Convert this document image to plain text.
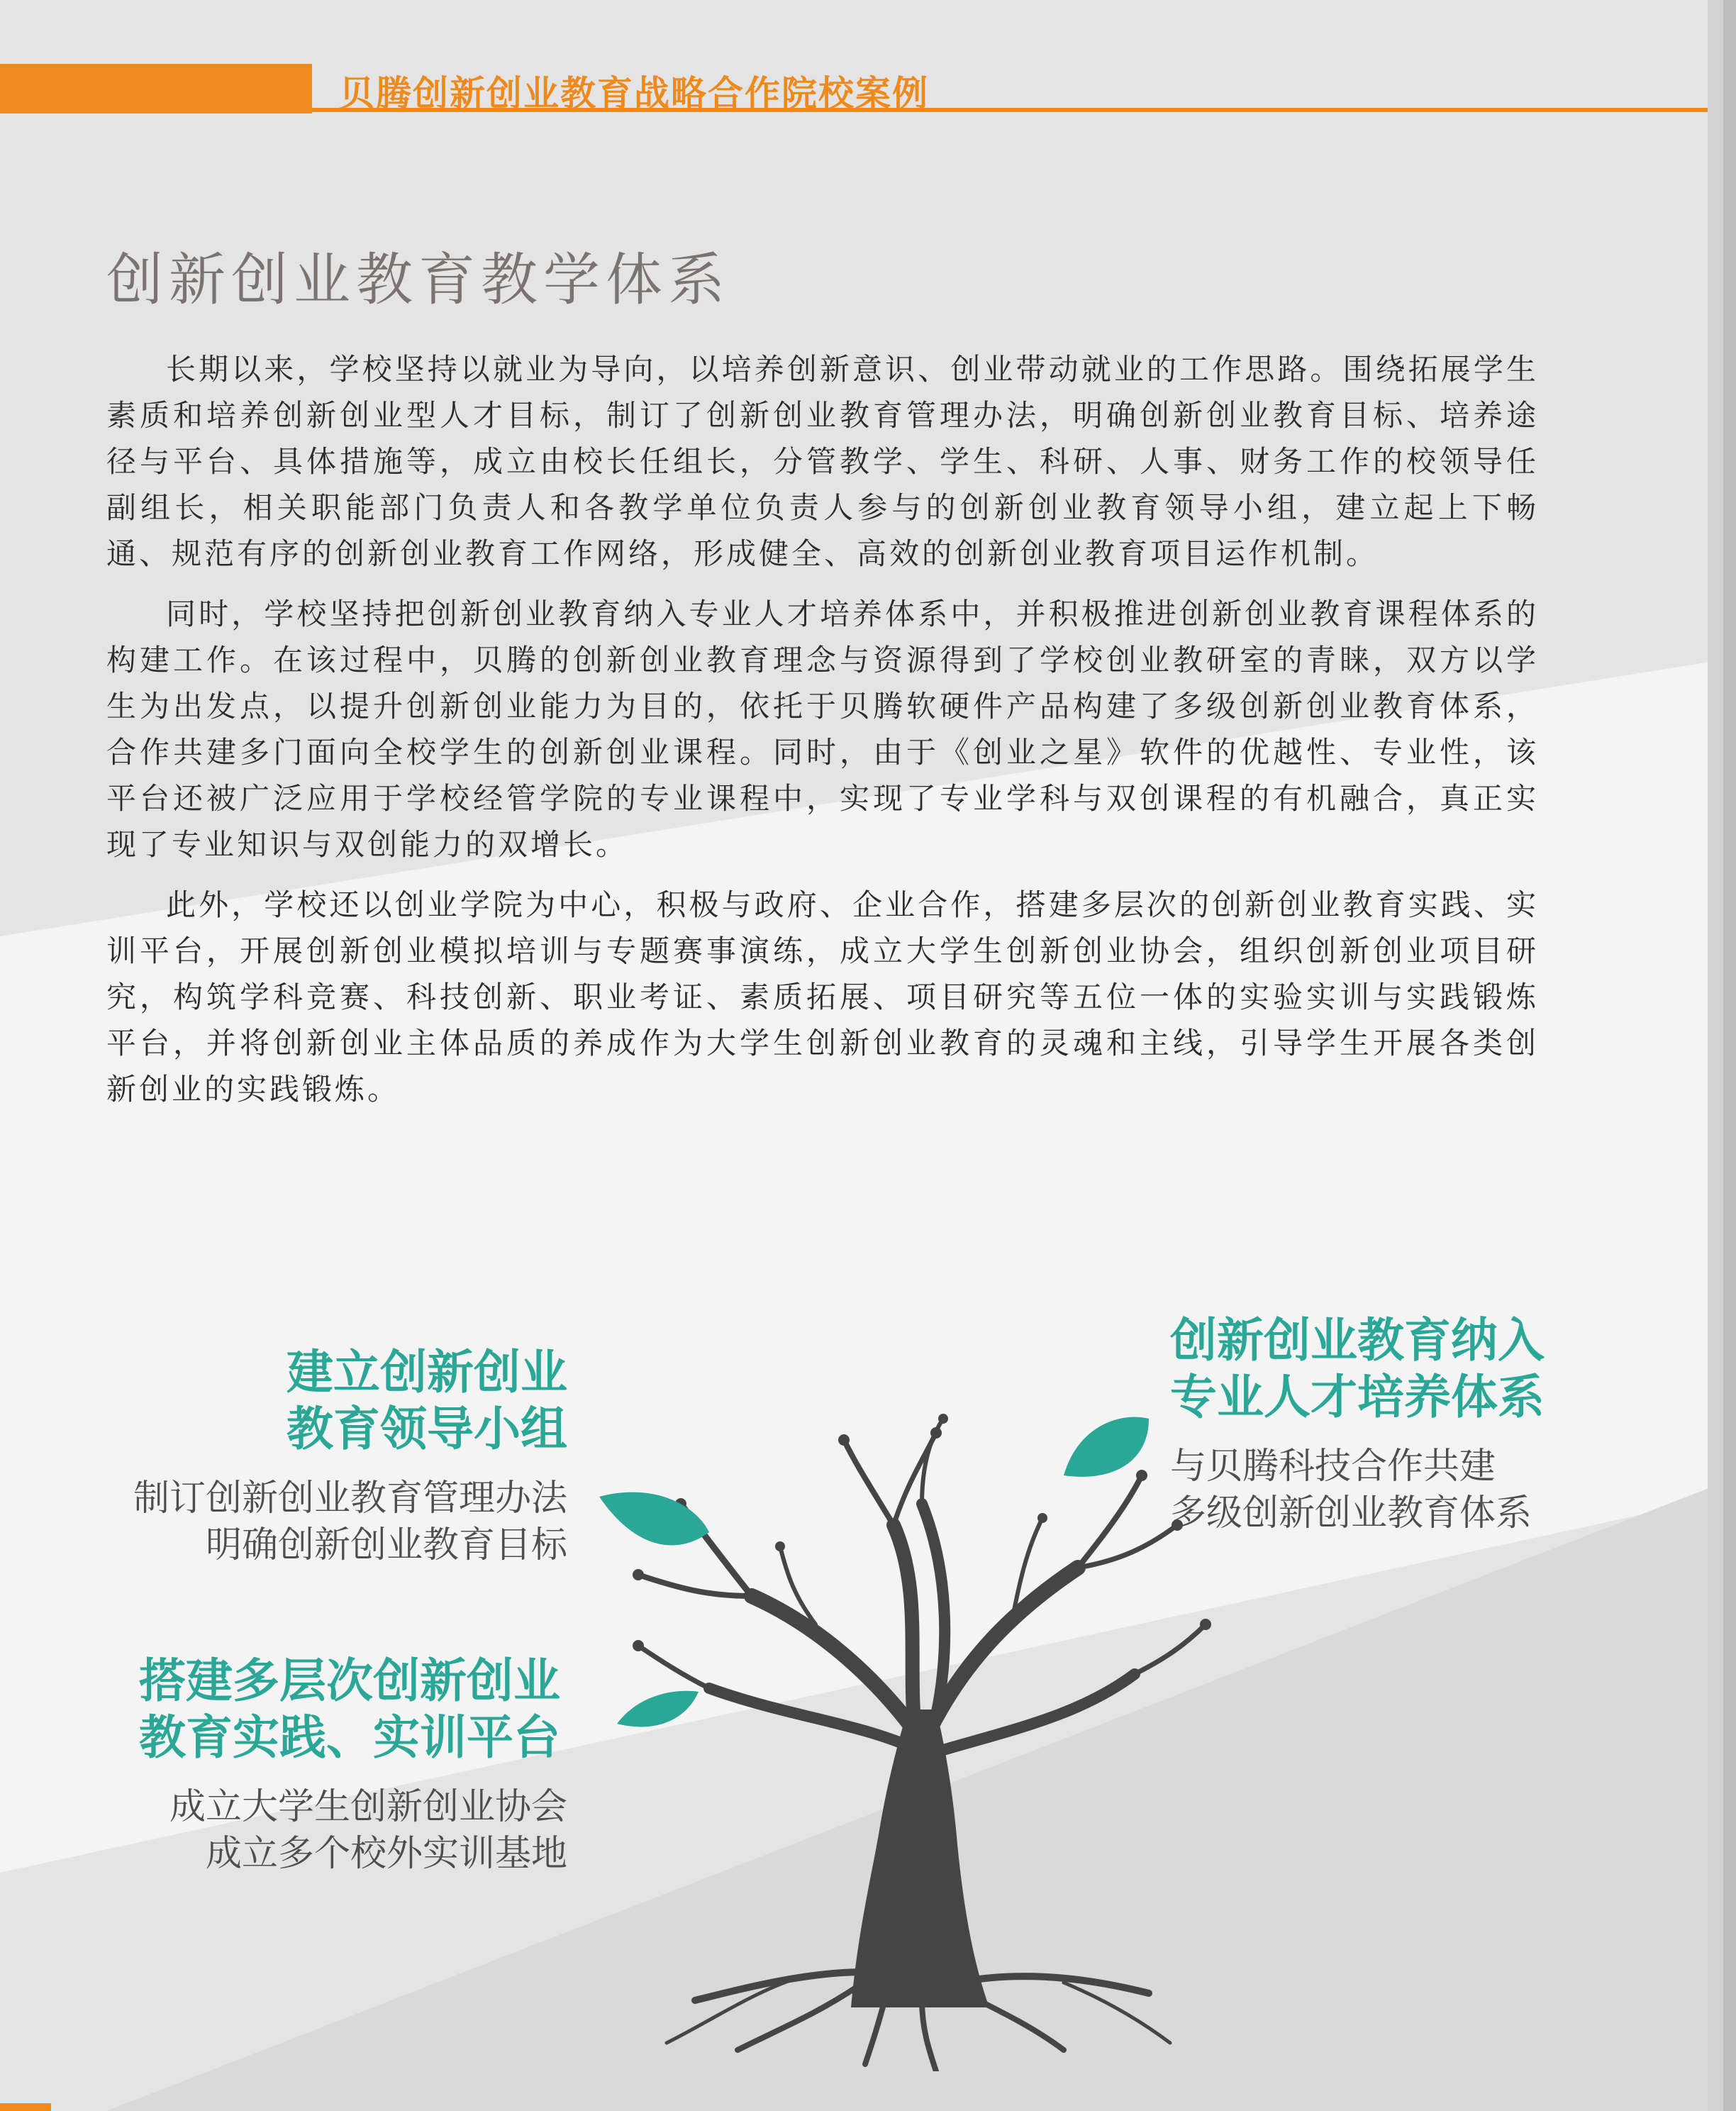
贝腾创新创业教育战略合作院校案例
创新创业教育教学体系

长期以来，学校坚持以就业为导向，以培养创新意识、创业带动就业的工作思路。围绕拓展学生素质和培养创新创业型人才目标，制订了创新创业教育管理办法，明确创新创业教育目标、培养途径与平台、具体措施等，成立由校长任组长，分管教学、学生、科研、人事、财务工作的校领导任副组长，相关职能部门负责人和各教学单位负责人参与的创新创业教育领导小组，建立起上下畅通、规范有序的创新创业教育工作网络，形成健全、高效的创新创业教育项目运作机制。

同时，学校坚持把创新创业教育纳入专业人才培养体系中，并积极推进创新创业教育课程体系的构建工作。在该过程中，贝腾的创新创业教育理念与资源得到了学校创业教研室的青睐，双方以学生为出发点，以提升创新创业能力为目的，依托于贝腾软硬件产品构建了多级创新创业教育体系，合作共建多门面向全校学生的创新创业课程。同时，由于《创业之星》软件的优越性、专业性，该平台还被广泛应用于学校经管学院的专业课程中，实现了专业学科与双创课程的有机融合，真正实现了专业知识与双创能力的双增长。

此外，学校还以创业学院为中心，积极与政府、企业合作，搭建多层次的创新创业教育实践、实训平台，开展创新创业模拟培训与专题赛事演练，成立大学生创新创业协会，组织创新创业项目研究，构筑学科竞赛、科技创新、职业考证、素质拓展、项目研究等五位一体的实验实训与实践锻炼平台，并将创新创业主体品质的养成作为大学生创新创业教育的灵魂和主线，引导学生开展各类创新创业的实践锻炼。

建立创新创业
教育领导小组
制订创新创业教育管理办法
明确创新创业教育目标
创新创业教育纳入
专业人才培养体系
与贝腾科技合作共建
多级创新创业教育体系
搭建多层次创新创业
教育实践、实训平台
成立大学生创新创业协会
成立多个校外实训基地
